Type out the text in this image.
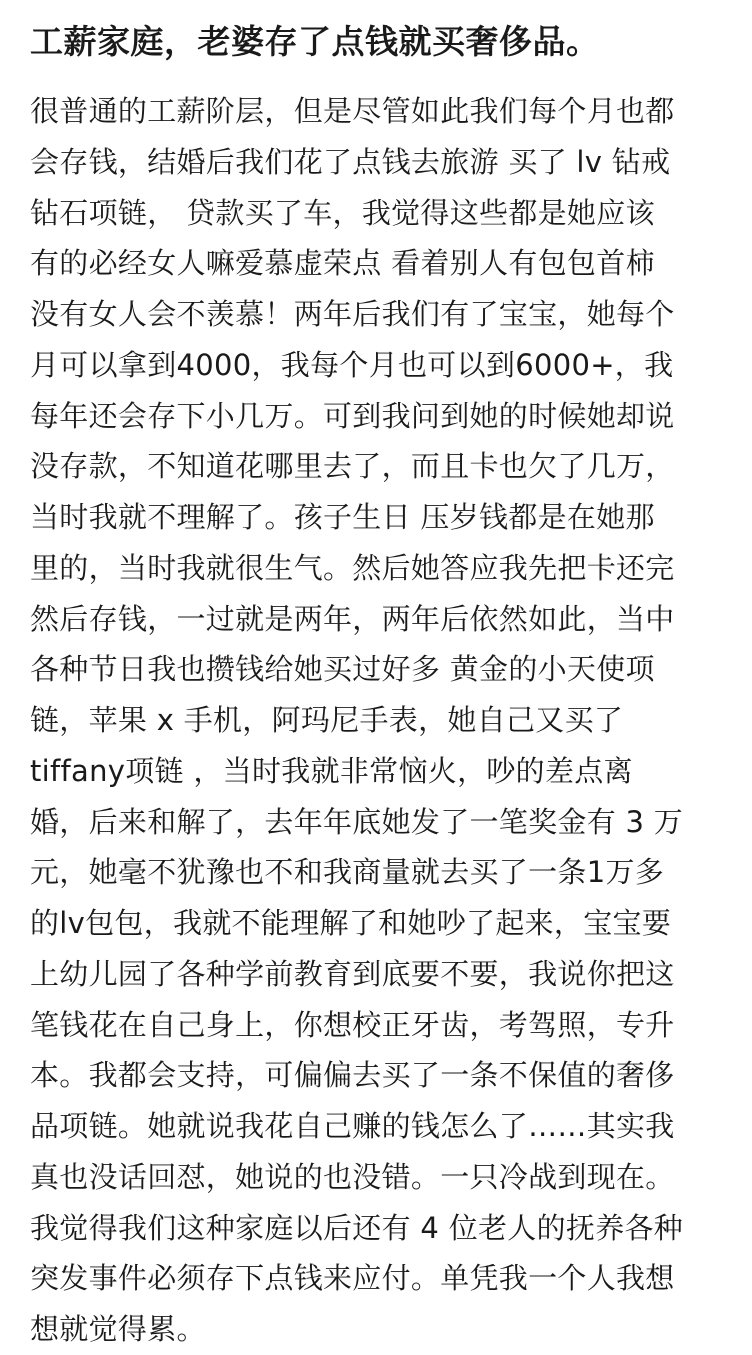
工薪家庭，老婆存了点钱就买奢侈品。
很普通的工薪阶层，但是尽管如此我们每个月也都
会存钱，结婚后我们花了点钱去旅游 买了 lv 钻戒
钻石项链， 贷款买了车，我觉得这些都是她应该
有的必经女人嘛爱慕虚荣点 看着别人有包包首柿
没有女人会不羡慕！两年后我们有了宝宝，她每个
月可以拿到4000，我每个月也可以到6000+，我
每年还会存下小几万。可到我问到她的时候她却说
没存款，不知道花哪里去了，而且卡也欠了几万，
当时我就不理解了。孩子生日 压岁钱都是在她那
里的，当时我就很生气。然后她答应我先把卡还完
然后存钱，一过就是两年，两年后依然如此，当中
各种节日我也攒钱给她买过好多 黄金的小天使项
链，苹果 x 手机，阿玛尼手表，她自己又买了
tiffany项链 ，当时我就非常恼火，吵的差点离
婚，后来和解了，去年年底她发了一笔奖金有 3 万
元，她毫不犹豫也不和我商量就去买了一条1万多
的lv包包，我就不能理解了和她吵了起来，宝宝要
上幼儿园了各种学前教育到底要不要，我说你把这
笔钱花在自己身上，你想校正牙齿，考驾照，专升
本。我都会支持，可偏偏去买了一条不保值的奢侈
品项链。她就说我花自己赚的钱怎么了……其实我
真也没话回怼，她说的也没错。一只冷战到现在。
我觉得我们这种家庭以后还有 4 位老人的抚养各种
突发事件必须存下点钱来应付。单凭我一个人我想
想就觉得累。
